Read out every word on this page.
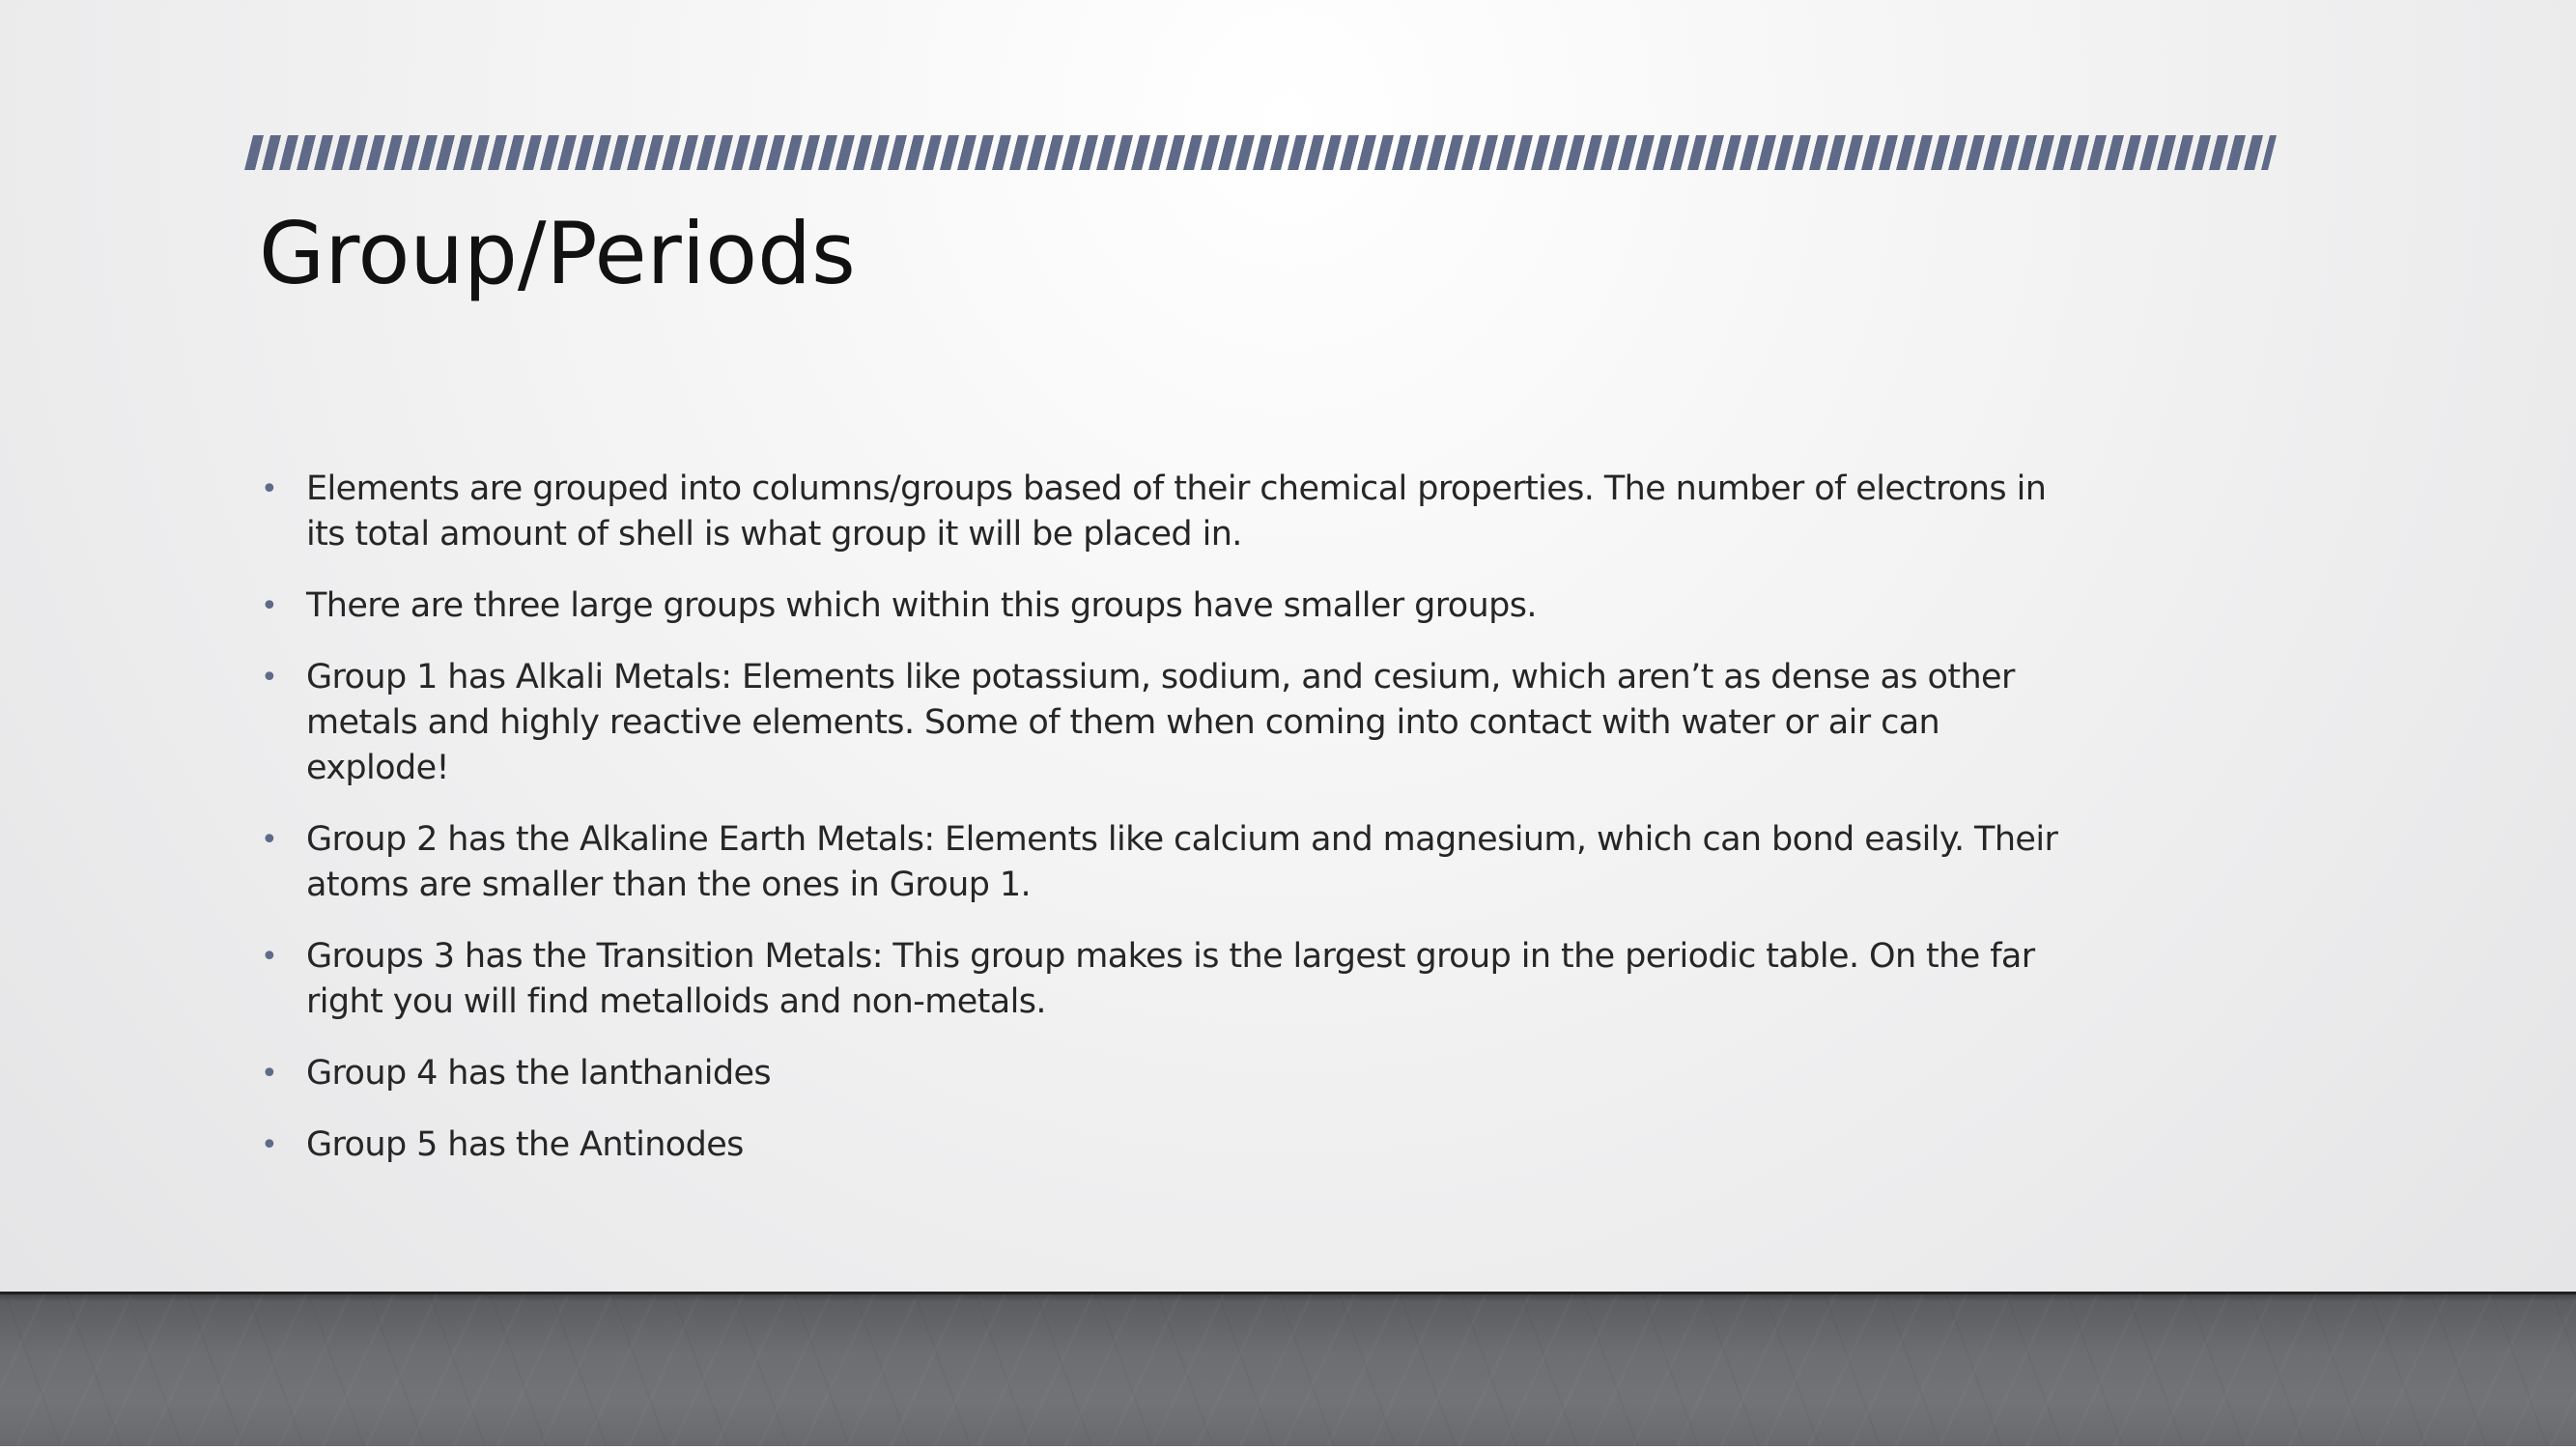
Group/Periods
• Elements are grouped into columns/groups based of their chemical properties. The number of electrons in
its total amount of shell is what group it will be placed in.
• There are three large groups which within this groups have smaller groups.
• Group 1 has Alkali Metals: Elements like potassium, sodium, and cesium, which aren’t as dense as other
metals and highly reactive elements. Some of them when coming into contact with water or air can
explode!
• Group 2 has the Alkaline Earth Metals: Elements like calcium and magnesium, which can bond easily. Their
atoms are smaller than the ones in Group 1.
• Groups 3 has the Transition Metals: This group makes is the largest group in the periodic table. On the far
right you will find metalloids and non-metals.
• Group 4 has the lanthanides
• Group 5 has the Antinodes
